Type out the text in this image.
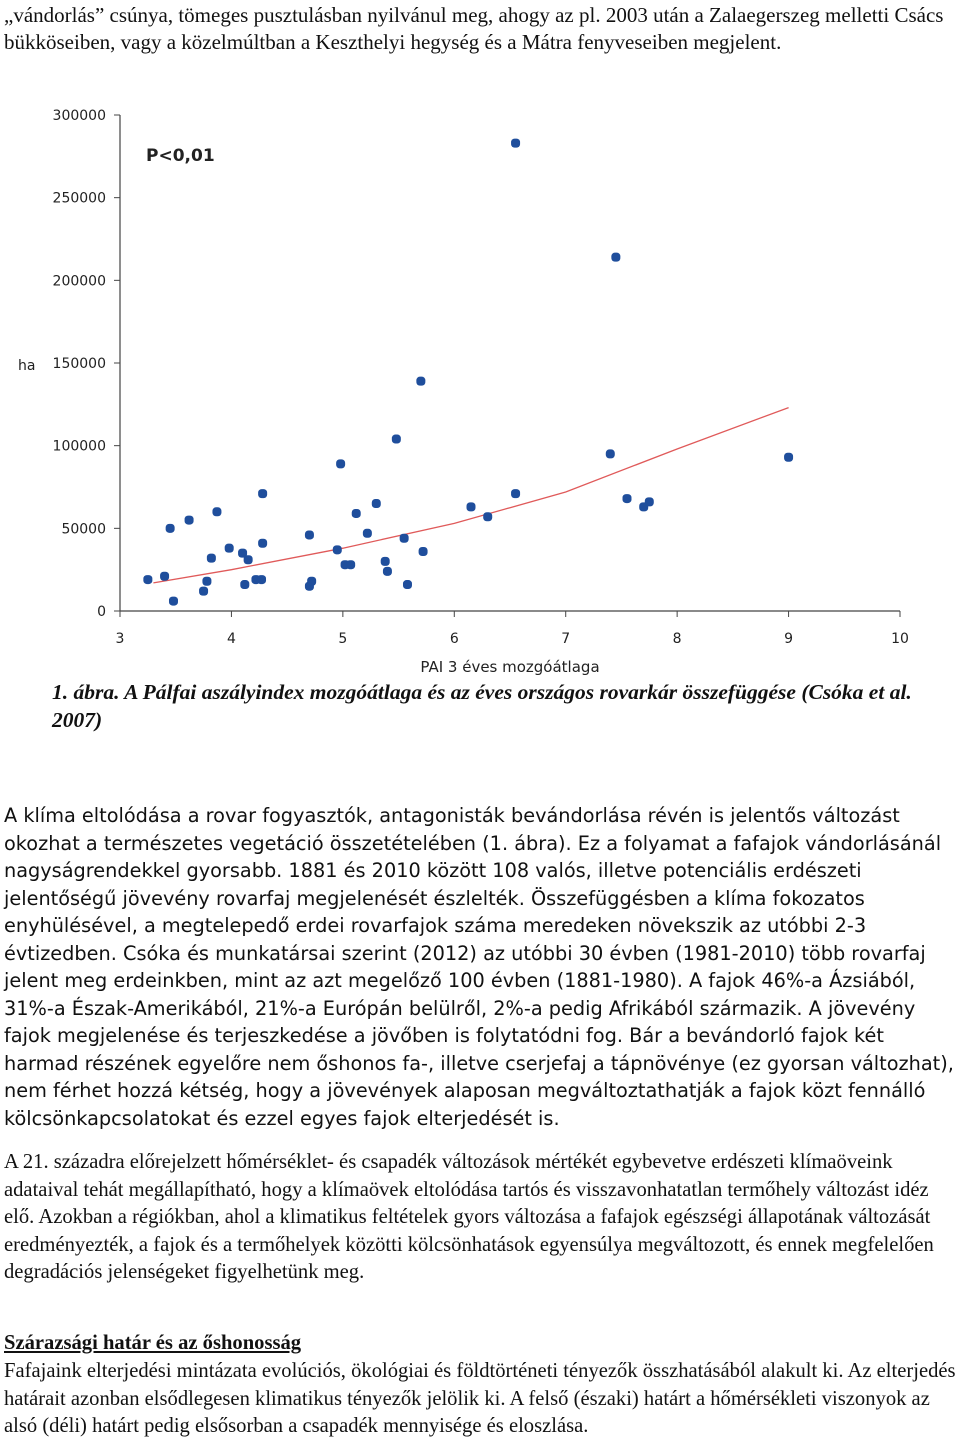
„vándorlás” csúnya, tömeges pusztulásban nyilvánul meg, ahogy az pl. 2003 után a Zalaegerszeg melletti Csács bükköseiben, vagy a közelmúltban a Keszthelyi hegység és a Mátra fenyveseiben megjelent.

0
50000
100000
150000
200000
250000
300000
3	4	5	6	7	8	9	10
ha
PAI 3 éves mozgóátlaga
P<0,01

1. ábra. A Pálfai aszályindex mozgóátlaga és az éves országos rovarkár összefüggése (Csóka et al. 2007)

A klíma eltolódása a rovar fogyasztók, antagonisták bevándorlása révén is jelentős változást okozhat a természetes vegetáció összetételében (1. ábra). Ez a folyamat a fafajok vándorlásánál nagyságrendekkel gyorsabb. 1881 és 2010 között 108 valós, illetve potenciális erdészeti jelentőségű jövevény rovarfaj megjelenését észlelték. Összefüggésben a klíma fokozatos enyhülésével, a megtelepedő erdei rovarfajok száma meredeken növekszik az utóbbi 2-3 évtizedben. Csóka és munkatársai szerint (2012) az utóbbi 30 évben (1981-2010) több rovarfaj jelent meg erdeinkben, mint az azt megelőző 100 évben (1881-1980). A fajok 46%-a Ázsiából, 31%-a Észak-Amerikából, 21%-a Európán belülről, 2%-a pedig Afrikából származik. A jövevény fajok megjelenése és terjeszkedése a jövőben is folytatódni fog. Bár a bevándorló fajok két harmad részének egyelőre nem őshonos fa-, illetve cserjefaj a tápnövénye (ez gyorsan változhat), nem férhet hozzá kétség, hogy a jövevények alaposan megváltoztathatják a fajok közt fennálló kölcsönkapcsolatokat és ezzel egyes fajok elterjedését is.

A 21. századra előrejelzett hőmérséklet- és csapadék változások mértékét egybevetve erdészeti klímaöveink adataival tehát megállapítható, hogy a klímaövek eltolódása tartós és visszavonhatatlan termőhely változást idéz elő. Azokban a régiókban, ahol a klimatikus feltételek gyors változása a fafajok egészségi állapotának változását eredményezték, a fajok és a termőhelyek közötti kölcsönhatások egyensúlya megváltozott, és ennek megfelelően degradációs jelenségeket figyelhetünk meg.

Szárazsági határ és az őshonosság

Fafajaink elterjedési mintázata evolúciós, ökológiai és földtörténeti tényezők összhatásából alakult ki. Az elterjedés határait azonban elsődlegesen klimatikus tényezők jelölik ki. A felső (északi) határt a hőmérsékleti viszonyok az alsó (déli) határt pedig elsősorban a csapadék mennyisége és eloszlása.
